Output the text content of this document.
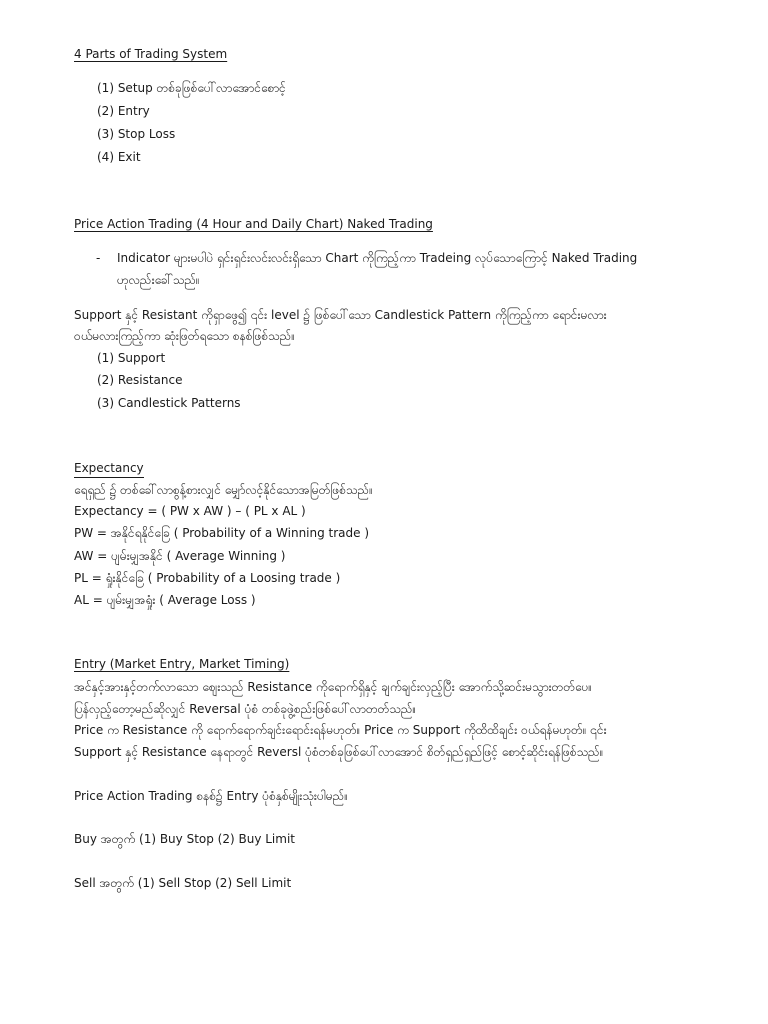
4 Parts of Trading System
(1) Setup တစ်ခုဖြစ်ပေါ်လာအောင်စောင့်
(2) Entry
(3) Stop Loss
(4) Exit
Price Action Trading (4 Hour and Daily Chart) Naked Trading
- Indicator များမပါပဲ ရှင်းရှင်းလင်းလင်းရှိသော Chart ကိုကြည့်ကာ Tradeing လုပ်သောကြောင့် Naked Trading
ဟုလည်းခေါ်သည်။
Support နှင့် Resistant ကိုရှာဖွေ၍ ၎င်း level ၌ ဖြစ်ပေါ်သော Candlestick Pattern ကိုကြည့်ကာ ရောင်းမလား
ဝယ်မလားကြည့်ကာ ဆုံးဖြတ်ရသော စနစ်ဖြစ်သည်။
(1) Support
(2) Resistance
(3) Candlestick Patterns
Expectancy
ရေရှည် ၌ တစ်ခေါ်လာစွန့်စားလျှင် မျှော်လင့်နိုင်သောအမြတ်ဖြစ်သည်။
Expectancy = ( PW x AW ) – ( PL x AL )
PW = အနိုင်ရနိုင်ခြေ ( Probability of a Winning trade )
AW = ပျမ်းမျှအနိုင် ( Average Winning )
PL = ရှုံးနိုင်ခြေ ( Probability of a Loosing trade )
AL = ပျမ်းမျှအရှုံး ( Average Loss )
Entry (Market Entry, Market Timing)
အင်နှင့်အားနှင့်တက်လာသော ဈေးသည် Resistance ကိုရောက်ရှိနှင့် ချက်ချင်းလှည့်ပြီး အောက်သို့ဆင်းမသွားတတ်ပေ။
ပြန်လှည့်တော့မည်ဆိုလျှင် Reversal ပုံစံ တစ်ခုဖွဲ့စည်းဖြစ်ပေါ်လာတတ်သည်။
Price က Resistance ကို ရောက်ရောက်ချင်းရောင်းရန်မဟုတ်။ Price က Support ကိုထိထိချင်း ဝယ်ရန်မဟုတ်။ ၎င်း
Support နှင့် Resistance နေရာတွင် Reversl ပုံစံတစ်ခုဖြစ်ပေါ်လာအောင် စိတ်ရှည်ရှည်ဖြင့် စောင့်ဆိုင်းရန်ဖြစ်သည်။
Price Action Trading စနစ်၌ Entry ပုံစံနှစ်မျိုးသုံးပါမည်။
Buy အတွက် (1) Buy Stop (2) Buy Limit
Sell အတွက် (1) Sell Stop (2) Sell Limit
